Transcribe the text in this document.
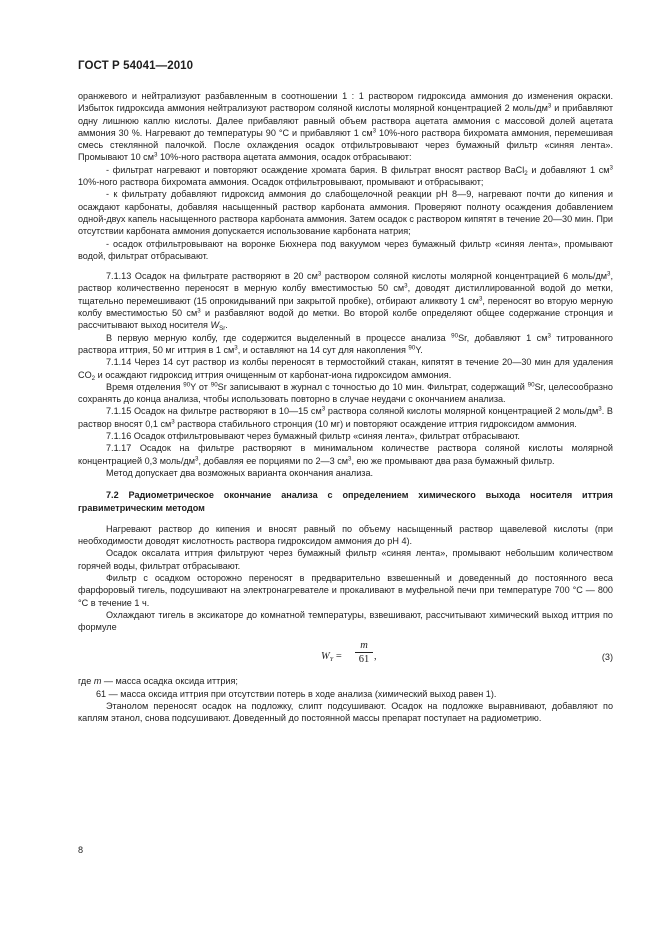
ГОСТ Р 54041—2010

оранжевого и нейтрализуют разбавленным в соотношении 1 : 1 раствором гидроксида аммония до изменения окраски. Избыток гидроксида аммония нейтрализуют раствором соляной кислоты молярной концентрацией 2 моль/$дм^3$ и прибавляют одну лишнюю каплю кислоты. Далее прибавляют равный объем раствора ацетата аммония с массовой долей ацетата аммония 30 %. Нагревают до температуры 90 °С и прибавляют 1 $см^3$ 10%-ного раствора бихромата аммония, перемешивая смесь стеклянной палочкой. После охлаждения осадок отфильтровывают через бумажный фильтр «синяя лента». Промывают 10 $см^3$ 10%-ного раствора ацетата аммония, осадок отбрасывают:

- фильтрат нагревают и повторяют осаждение хромата бария. В фильтрат вносят раствор BaCl$_2$ и добавляют 1 $см^3$ 10%-ного раствора бихромата аммония. Осадок отфильтровывают, промывают и отбрасывают;

- к фильтрату добавляют гидроксид аммония до слабощелочной реакции pH 8—9, нагревают почти до кипения и осаждают карбонаты, добавляя насыщенный раствор карбоната аммония. Проверяют полноту осаждения добавлением одной-двух капель насыщенного раствора карбоната аммония. Затем осадок с раствором кипятят в течение 20—30 мин. При отсутствии карбоната аммония допускается использование карбоната натрия;

- осадок отфильтровывают на воронке Бюхнера под вакуумом через бумажный фильтр «синяя лента», промывают водой, фильтрат отбрасывают.

7.1.13 Осадок на фильтрате растворяют в 20 $см^3$ раствором соляной кислоты молярной концентрацией 6 моль/$дм^3$, раствор количественно переносят в мерную колбу вместимостью 50 $см^3$, доводят дистиллированной водой до метки, тщательно перемешивают (15 опрокидываний при закрытой пробке), отбирают аликвоту 1 $см^3$, переносят во вторую мерную колбу вместимостью 50 $см^3$ и разбавляют водой до метки. Во второй колбе определяют общее содержание стронция и рассчитывают выход носителя $W_{Sr}$.

В первую мерную колбу, где содержится выделенный в процессе анализа $^{90}$Sr, добавляют 1 $см^3$ титрованного раствора иттрия, 50 мг иттрия в 1 $см^3$, и оставляют на 14 сут для накопления $^{90}$Y.

7.1.14 Через 14 сут раствор из колбы переносят в термостойкий стакан, кипятят в течение 20—30 мин для удаления $CO_2$ и осаждают гидроксид иттрия очищенным от карбонат-иона гидроксидом аммония.

Время отделения $^{90}$Y от $^{90}$Sr записывают в журнал с точностью до 10 мин. Фильтрат, содержащий $^{90}$Sr, целесообразно сохранять до конца анализа, чтобы использовать повторно в случае неудачи с окончанием анализа.

7.1.15 Осадок на фильтре растворяют в 10—15 $см^3$ раствора соляной кислоты молярной концентрацией 2 моль/$дм^3$. В раствор вносят 0,1 $см^3$ раствора стабильного стронция (10 мг) и повторяют осаждение иттрия гидроксидом аммония.

7.1.16 Осадок отфильтровывают через бумажный фильтр «синяя лента», фильтрат отбрасывают.

7.1.17 Осадок на фильтре растворяют в минимальном количестве раствора соляной кислоты молярной концентрацией 0,3 моль/$дм^3$, добавляя ее порциями по 2—3 $см^3$, ею же промывают два раза бумажный фильтр.

Метод допускает два возможных варианта окончания анализа.

7.2 Радиометрическое окончание анализа с определением химического выхода носителя иттрия гравиметрическим методом

Нагревают раствор до кипения и вносят равный по объему насыщенный раствор щавелевой кислоты (при необходимости доводят кислотность раствора гидроксидом аммония до pH 4).

Осадок оксалата иттрия фильтруют через бумажный фильтр «синяя лента», промывают небольшим количеством горячей воды, фильтрат отбрасывают.

Фильтр с осадком осторожно переносят в предварительно взвешенный и доведенный до постоянного веса фарфоровый тигель, подсушивают на электронагревателе и прокаливают в муфельной печи при температуре 700 °С — 800 °С в течение 1 ч.

Охлаждают тигель в эксикаторе до комнатной температуры, взвешивают, рассчитывают химический выход иттрия по формуле

$W_Y$ =
m
61 ,	(3)

где m — масса осадка оксида иттрия;

61 — масса оксида иттрия при отсутствии потерь в ходе анализа (химический выход равен 1).

Этанолом переносят осадок на подложку, слипт подсушивают. Осадок на подложке выравнивают, добавляют по каплям этанол, снова подсушивают. Доведенный до постоянной массы препарат поступает на радиометрию.

8
